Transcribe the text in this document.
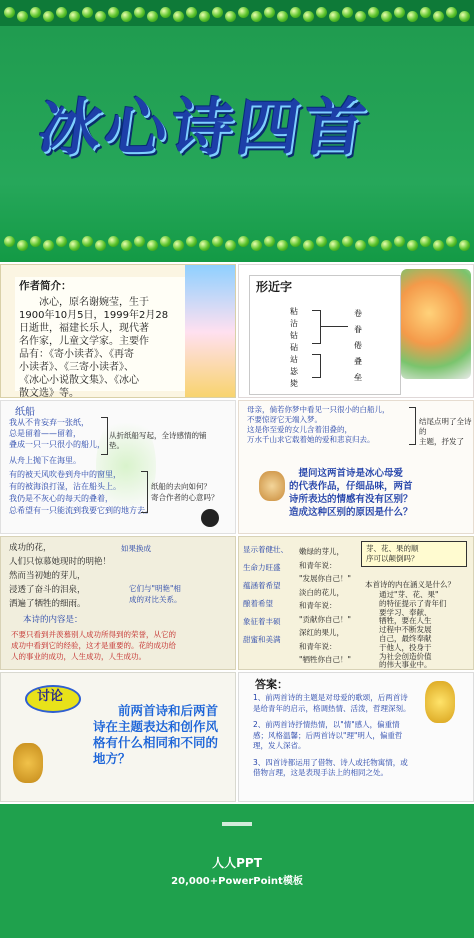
冰心诗四首
作者简介：
　　冰心，原名谢婉莹，生于
1900年10月5日，1999年2月28
日逝世，福建长乐人，现代著
名作家，儿童文学家。主要作
品有：《寄小读者》、《再寄
小读者》、《三寄小读者》、
《冰心小说散文集》、《冰心
散文选》等。
形近字
粘
沾
钻
砧
站
毖
毙
卷
眷
倦
叠
垒
纸船
我从不肯妄弃一张纸，
总是留着——留着，
叠成一只一只很小的船儿，
从折纸船写起，全诗感情的铺
垫。
从舟上抛下在海里。
有的被天风吹卷到舟中的窗里，
有的被海浪打湿，沾在船头上。
我仍是不灰心的每天的叠着，
总希望有一只能流到我要它到的地方去。
纸船的去向如何？
寄合作者的心意吗？
母亲，倘若你梦中看见一只很小的白船儿，
不要惊讶它无端入梦。
这是你至爱的女儿含着泪叠的，
万水千山求它载着她的爱和悲哀归去。
结尾点明了全诗的
主题，抒发了
　提问这两首诗是冰心母爱
的代表作品，仔细品味，两首
诗所表达的情感有没有区别？
造成这种区别的原因是什么？
成功的花，
人们只惊慕她现时的明艳！
然而当初她的芽儿，
浸透了奋斗的泪泉，
洒遍了牺牲的细雨。
如果换成
它们与"明艳"相
成的对比关系。
本诗的内容是：
不要只看到并羡慕别人成功所得到的荣誉，从它的
成功中看到它的经验，这才是重要的。花的成功给
人的事业的成功，人生成功，人生成功。
显示着健壮、
生命力旺盛
蕴涵着希望
酿着希望
象征着丰硕
甜蜜和美满
嫩绿的芽儿，
和青年说：
"发展你自己！"
淡白的花儿，
和青年说：
"贡献你自己！"
深红的果儿，
和青年说：
"牺牲你自己！"
芽、花、果的顺
序可以颠倒吗？
本首诗的内在涵义是什么？
通过"芽、花、果"
的特征提示了青年们
要学习、奉献、
牺牲，要在人生
过程中不断发展
自己，最终奉献
于他人，投身于
为社会创造价值
的伟大事业中。
讨论
　　前两首诗和后两首
诗在主题表达和创作风
格有什么相同和不同的
地方？
答案：
1、前两首诗的主题是对母爱的歌颂，后两首诗是给青年的启示，格调热情、活泼，哲理深刻。
2、前两首诗抒情热情，以"情"感人，偏重情感；风格温馨；后两首诗以"理"明人，偏重哲理，发人深省。
3、四首诗都运用了借物、诗人或托物寓情，或借物言理，这是表现手法上的相同之处。
人人PPT
20,000+PowerPoint模板
